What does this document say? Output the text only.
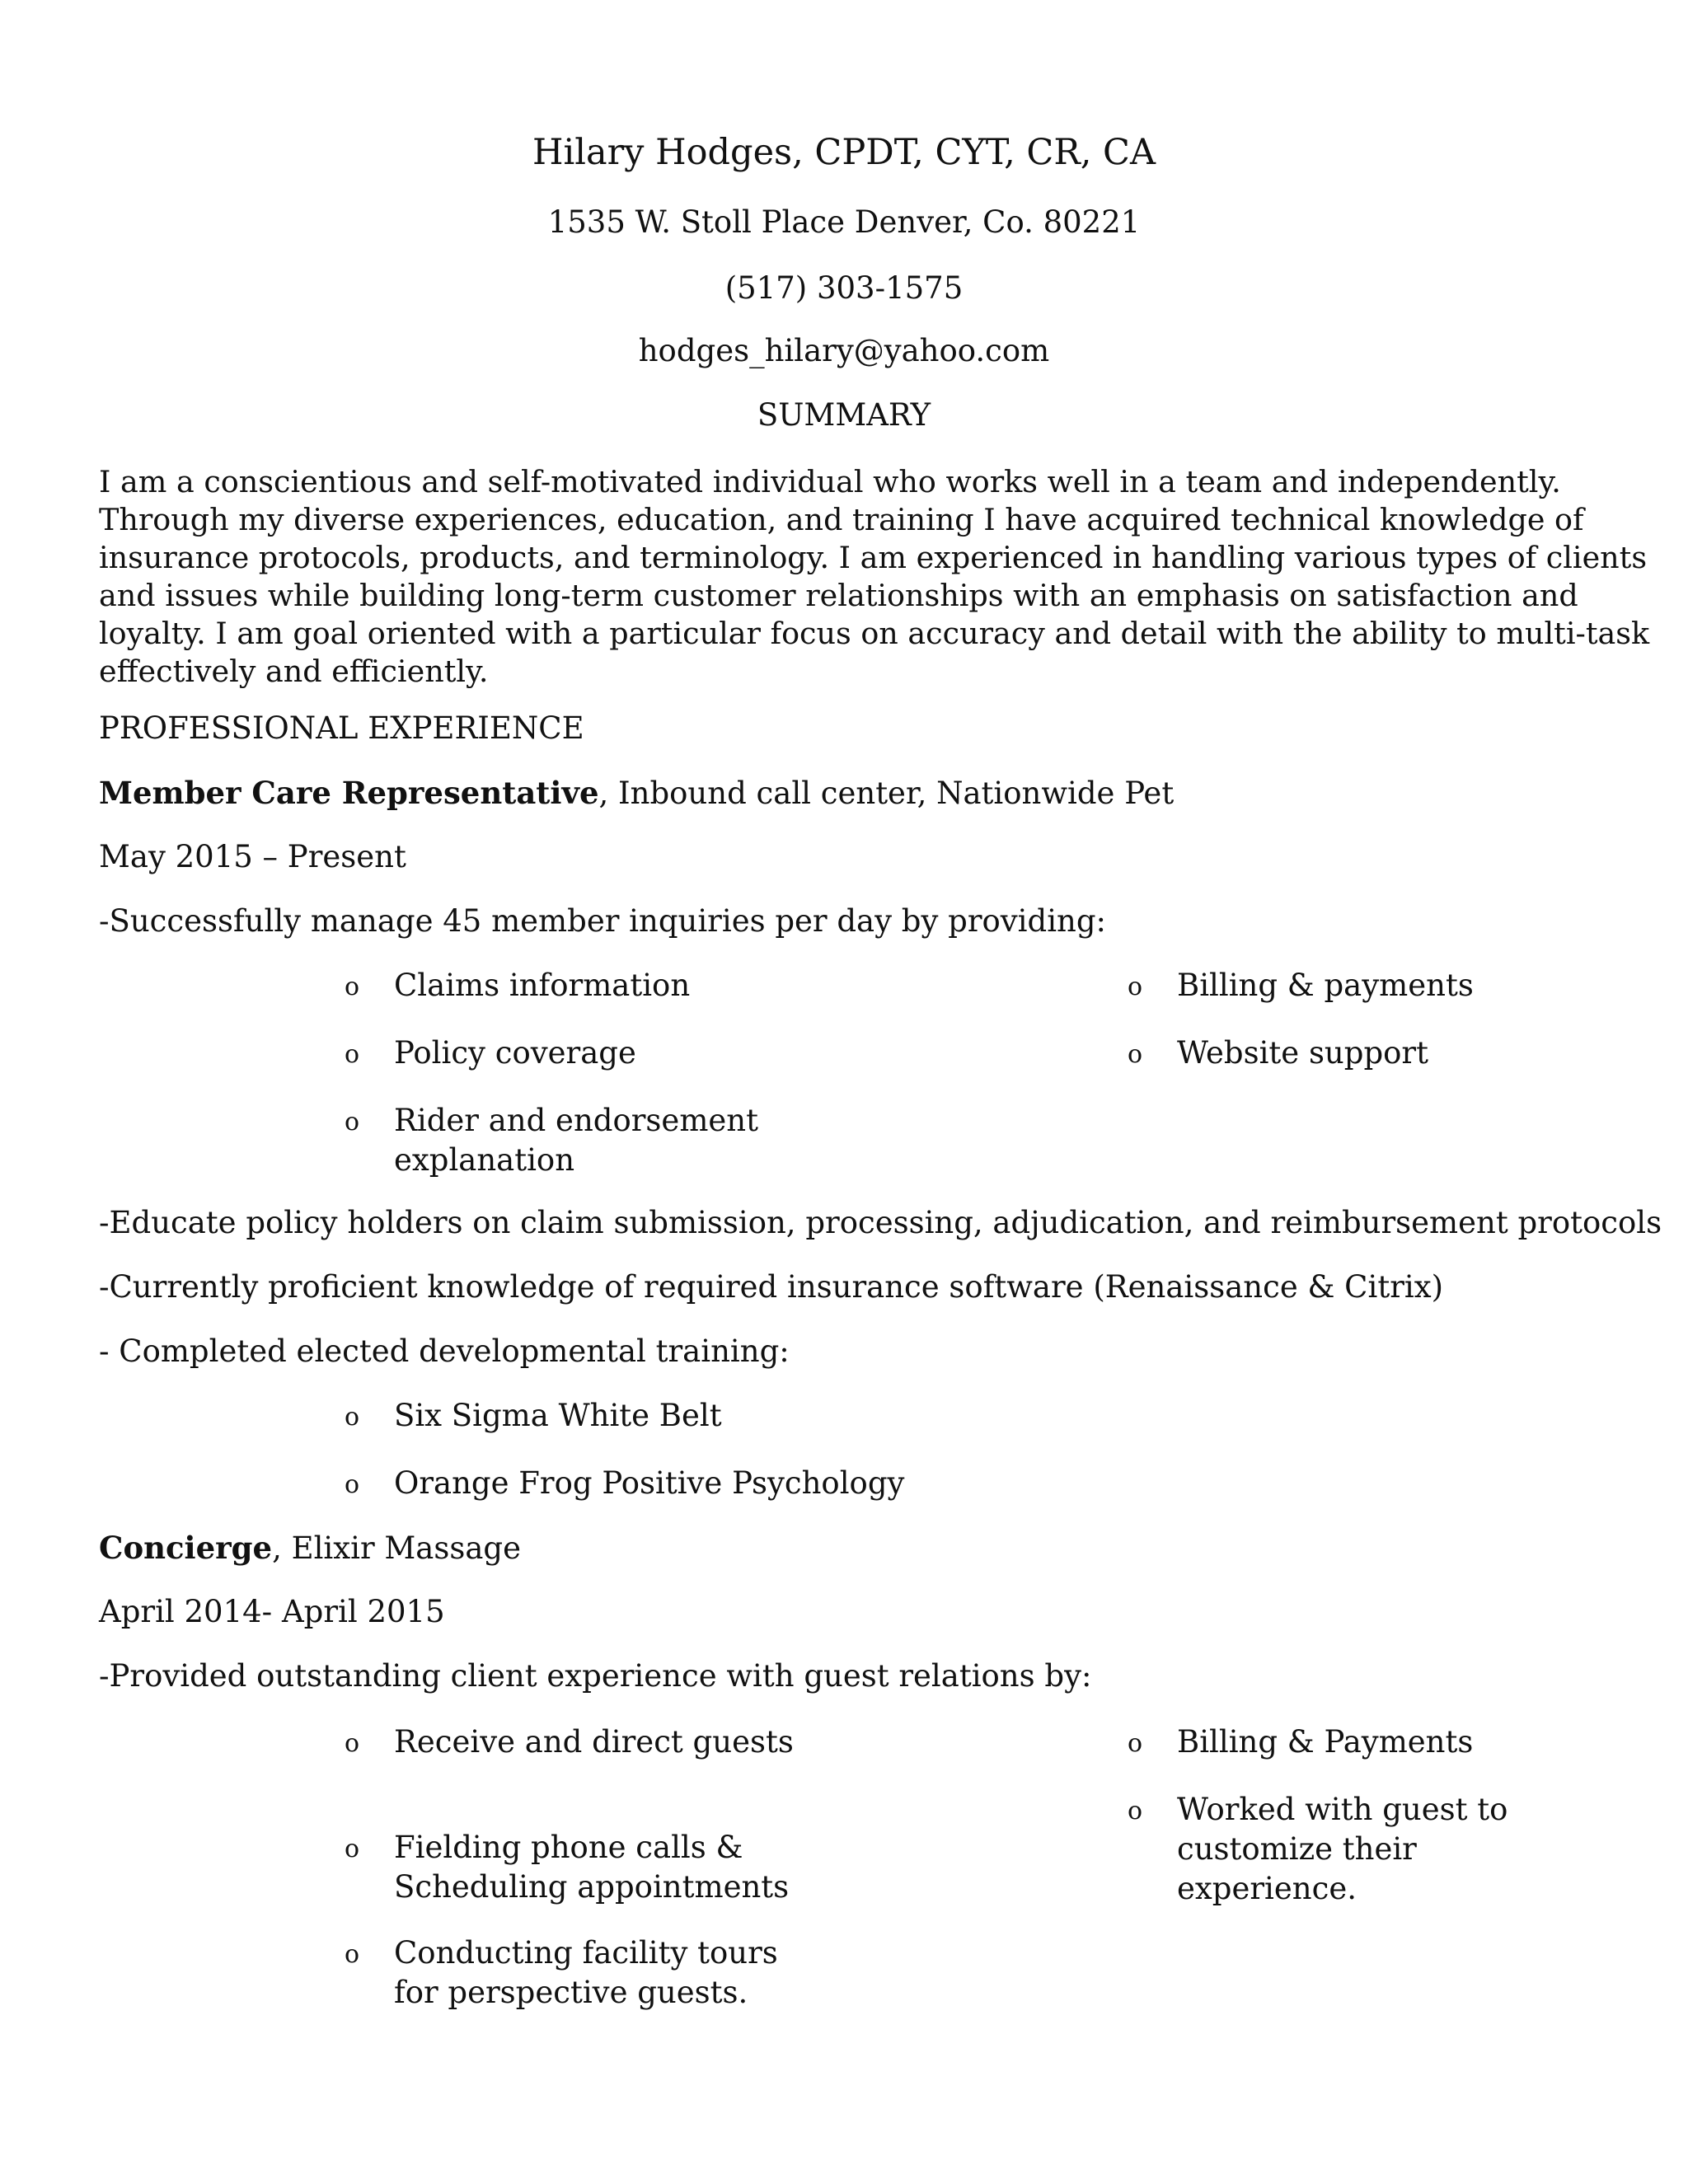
Hilary Hodges, CPDT, CYT, CR, CA
1535 W. Stoll Place Denver, Co. 80221
(517) 303-1575
hodges_hilary@yahoo.com
SUMMARY
I am a conscientious and self-motivated individual who works well in a team and independently.
Through my diverse experiences, education, and training I have acquired technical knowledge of
insurance protocols, products, and terminology. I am experienced in handling various types of clients
and issues while building long-term customer relationships with an emphasis on satisfaction and
loyalty. I am goal oriented with a particular focus on accuracy and detail with the ability to multi-task
effectively and efficiently.
PROFESSIONAL EXPERIENCE
Member Care Representative, Inbound call center, Nationwide Pet
May 2015 – Present
-Successfully manage 45 member inquiries per day by providing:
o Claims information
o Policy coverage
o Rider and endorsement
explanation
o Billing & payments
o Website support
-Educate policy holders on claim submission, processing, adjudication, and reimbursement protocols
-Currently proficient knowledge of required insurance software (Renaissance & Citrix)
- Completed elected developmental training:
o Six Sigma White Belt
o Orange Frog Positive Psychology
Concierge, Elixir Massage
April 2014- April 2015
-Provided outstanding client experience with guest relations by:
o Receive and direct guests
o Fielding phone calls &
Scheduling appointments
o Conducting facility tours
for perspective guests.
o Billing & Payments
o Worked with guest to
customize their
experience.
